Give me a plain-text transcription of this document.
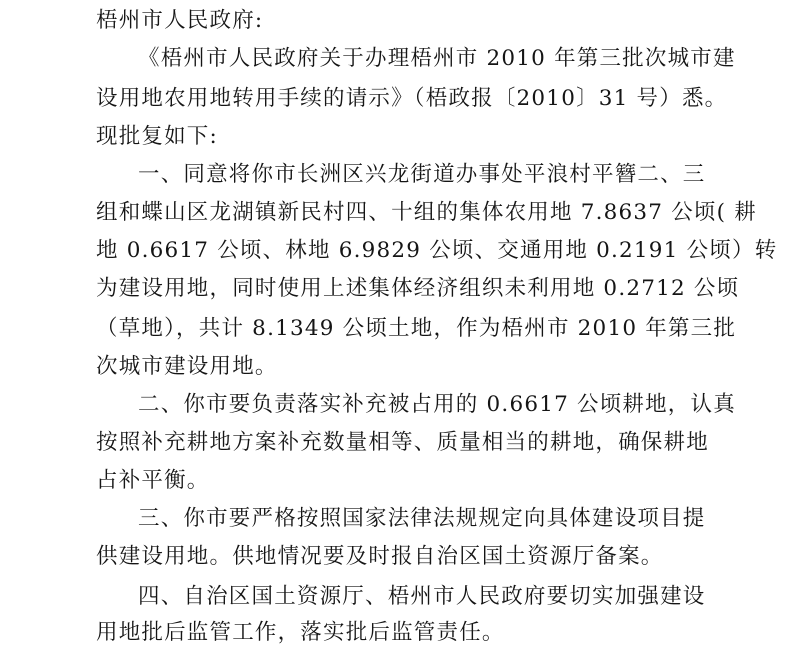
梧州市人民政府:
《梧州市人民政府关于办理梧州市 2010 年第三批次城市建
设用地农用地转用手续的请示》（梧政报〔2010〕31 号）悉。
现批复如下:
一、同意将你市长洲区兴龙街道办事处平浪村平簪二、三
组和蝶山区龙湖镇新民村四、十组的集体农用地 7.8637 公顷( 耕
地 0.6617 公顷、林地 6.9829 公顷、交通用地 0.2191 公顷）转
为建设用地，同时使用上述集体经济组织未利用地 0.2712 公顷
（草地），共计 8.1349 公顷土地，作为梧州市 2010 年第三批
次城市建设用地。
二、你市要负责落实补充被占用的 0.6617 公顷耕地，认真
按照补充耕地方案补充数量相等、质量相当的耕地，确保耕地
占补平衡。
三、你市要严格按照国家法律法规规定向具体建设项目提
供建设用地。供地情况要及时报自治区国土资源厅备案。
四、自治区国土资源厅、梧州市人民政府要切实加强建设
用地批后监管工作，落实批后监管责任。
